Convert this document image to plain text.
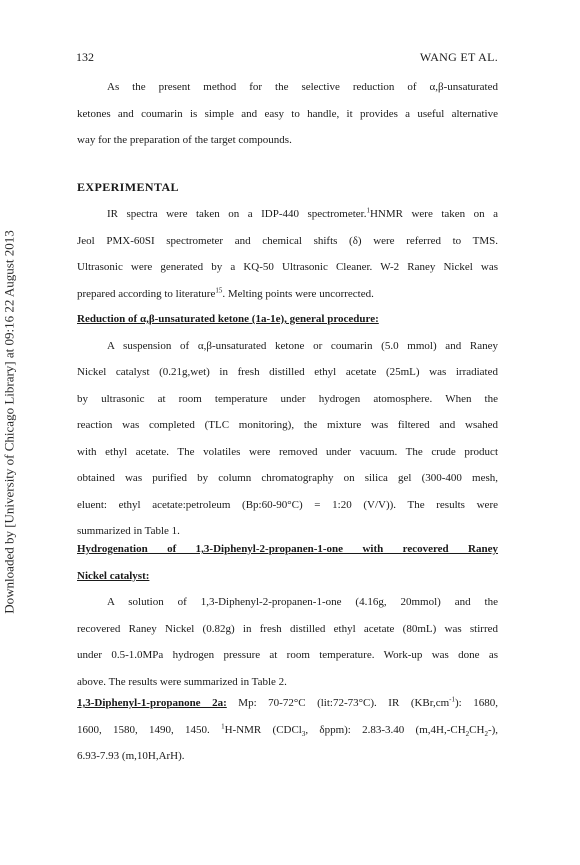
132	WANG ET AL.
Downloaded by [University of Chicago Library] at 09:16 22 August 2013
As the present method for the selective reduction of α,β-unsaturated
ketones and coumarin is simple and easy to handle, it provides a useful alternative
way for the preparation of the target compounds.
EXPERIMENTAL
IR spectra were taken on a IDP-440 spectrometer.$^1$HNMR were taken on a
Jeol PMX-60SI spectrometer and chemical shifts (δ) were referred to TMS.
Ultrasonic were generated by a KQ-50 Ultrasonic Cleaner. W-2 Raney Nickel was
prepared according to literature$^{15}$. Melting points were uncorrected.
Reduction of α,β-unsaturated ketone (1a-1e), general procedure:
A suspension of α,β-unsaturated ketone or coumarin (5.0 mmol) and Raney
Nickel catalyst (0.21g,wet) in fresh distilled ethyl acetate (25mL) was irradiated
by ultrasonic at room temperature under hydrogen atomosphere. When the
reaction was completed (TLC monitoring), the mixture was filtered and wsahed
with ethyl acetate. The volatiles were removed under vacuum. The crude product
obtained was purified by column chromatography on silica gel (300-400 mesh,
eluent: ethyl acetate:petroleum (Bp:60-90°C) = 1:20 (V/V)). The results were
summarized in Table 1.
Hydrogenation of 1,3-Diphenyl-2-propanen-1-one with recovered Raney
Nickel catalyst:
A solution of 1,3-Diphenyl-2-propanen-1-one (4.16g, 20mmol) and the
recovered Raney Nickel (0.82g) in fresh distilled ethyl acetate (80mL) was stirred
under 0.5-1.0MPa hydrogen pressure at room temperature. Work-up was done as
above. The results were summarized in Table 2.
1,3-Diphenyl-1-propanone 2a: Mp: 70-72°C (lit:72-73°C). IR $(KBr,cm^{-1})$: 1680,
1600, 1580, 1490, 1450. $^1$H-NMR (CDCl$_3$, δppm): 2.83-3.40 $(m,4H,-CH_2CH_2-)$,
6.93-7.93 (m,10H,ArH).
